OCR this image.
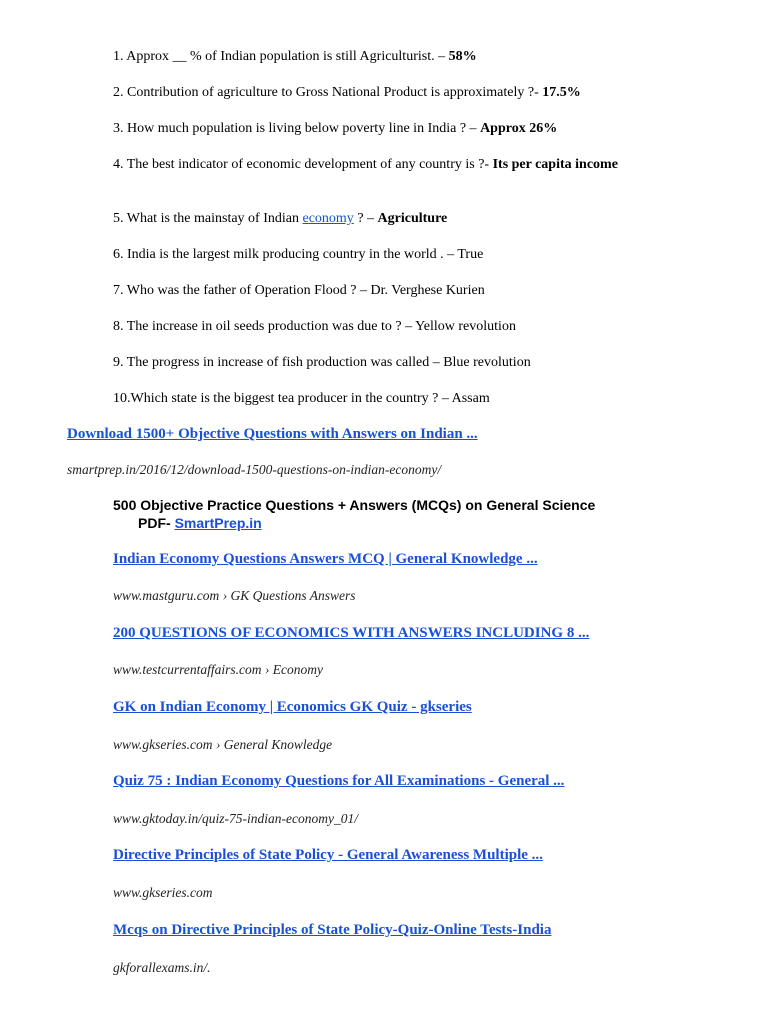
1. Approx __ % of Indian population is still Agriculturist. – 58%
2. Contribution of agriculture to Gross National Product is approximately ?- 17.5%
3. How much population is living below poverty line in India ? – Approx 26%
4. The best indicator of economic development of any country is ?- Its per capita income
5. What is the mainstay of Indian economy ? – Agriculture
6. India is the largest milk producing country in the world . – True
7. Who was the father of Operation Flood ? – Dr. Verghese Kurien
8. The increase in oil seeds production was due to ? – Yellow revolution
9. The progress in increase of fish production was called – Blue revolution
10.Which state is the biggest tea producer in the country ? – Assam
Download 1500+ Objective Questions with Answers on Indian ...
smartprep.in/2016/12/download-1500-questions-on-indian-economy/
500 Objective Practice Questions + Answers (MCQs) on General Science
PDF- SmartPrep.in
Indian Economy Questions Answers MCQ | General Knowledge ...
www.mastguru.com › GK Questions Answers
200 QUESTIONS OF ECONOMICS WITH ANSWERS INCLUDING 8 ...
www.testcurrentaffairs.com › Economy
GK on Indian Economy | Economics GK Quiz - gkseries
www.gkseries.com › General Knowledge
Quiz 75 : Indian Economy Questions for All Examinations - General ...
www.gktoday.in/quiz-75-indian-economy_01/
Directive Principles of State Policy - General Awareness Multiple ...
www.gkseries.com
Mcqs on Directive Principles of State Policy-Quiz-Online Tests-India
gkforallexams.in/.
